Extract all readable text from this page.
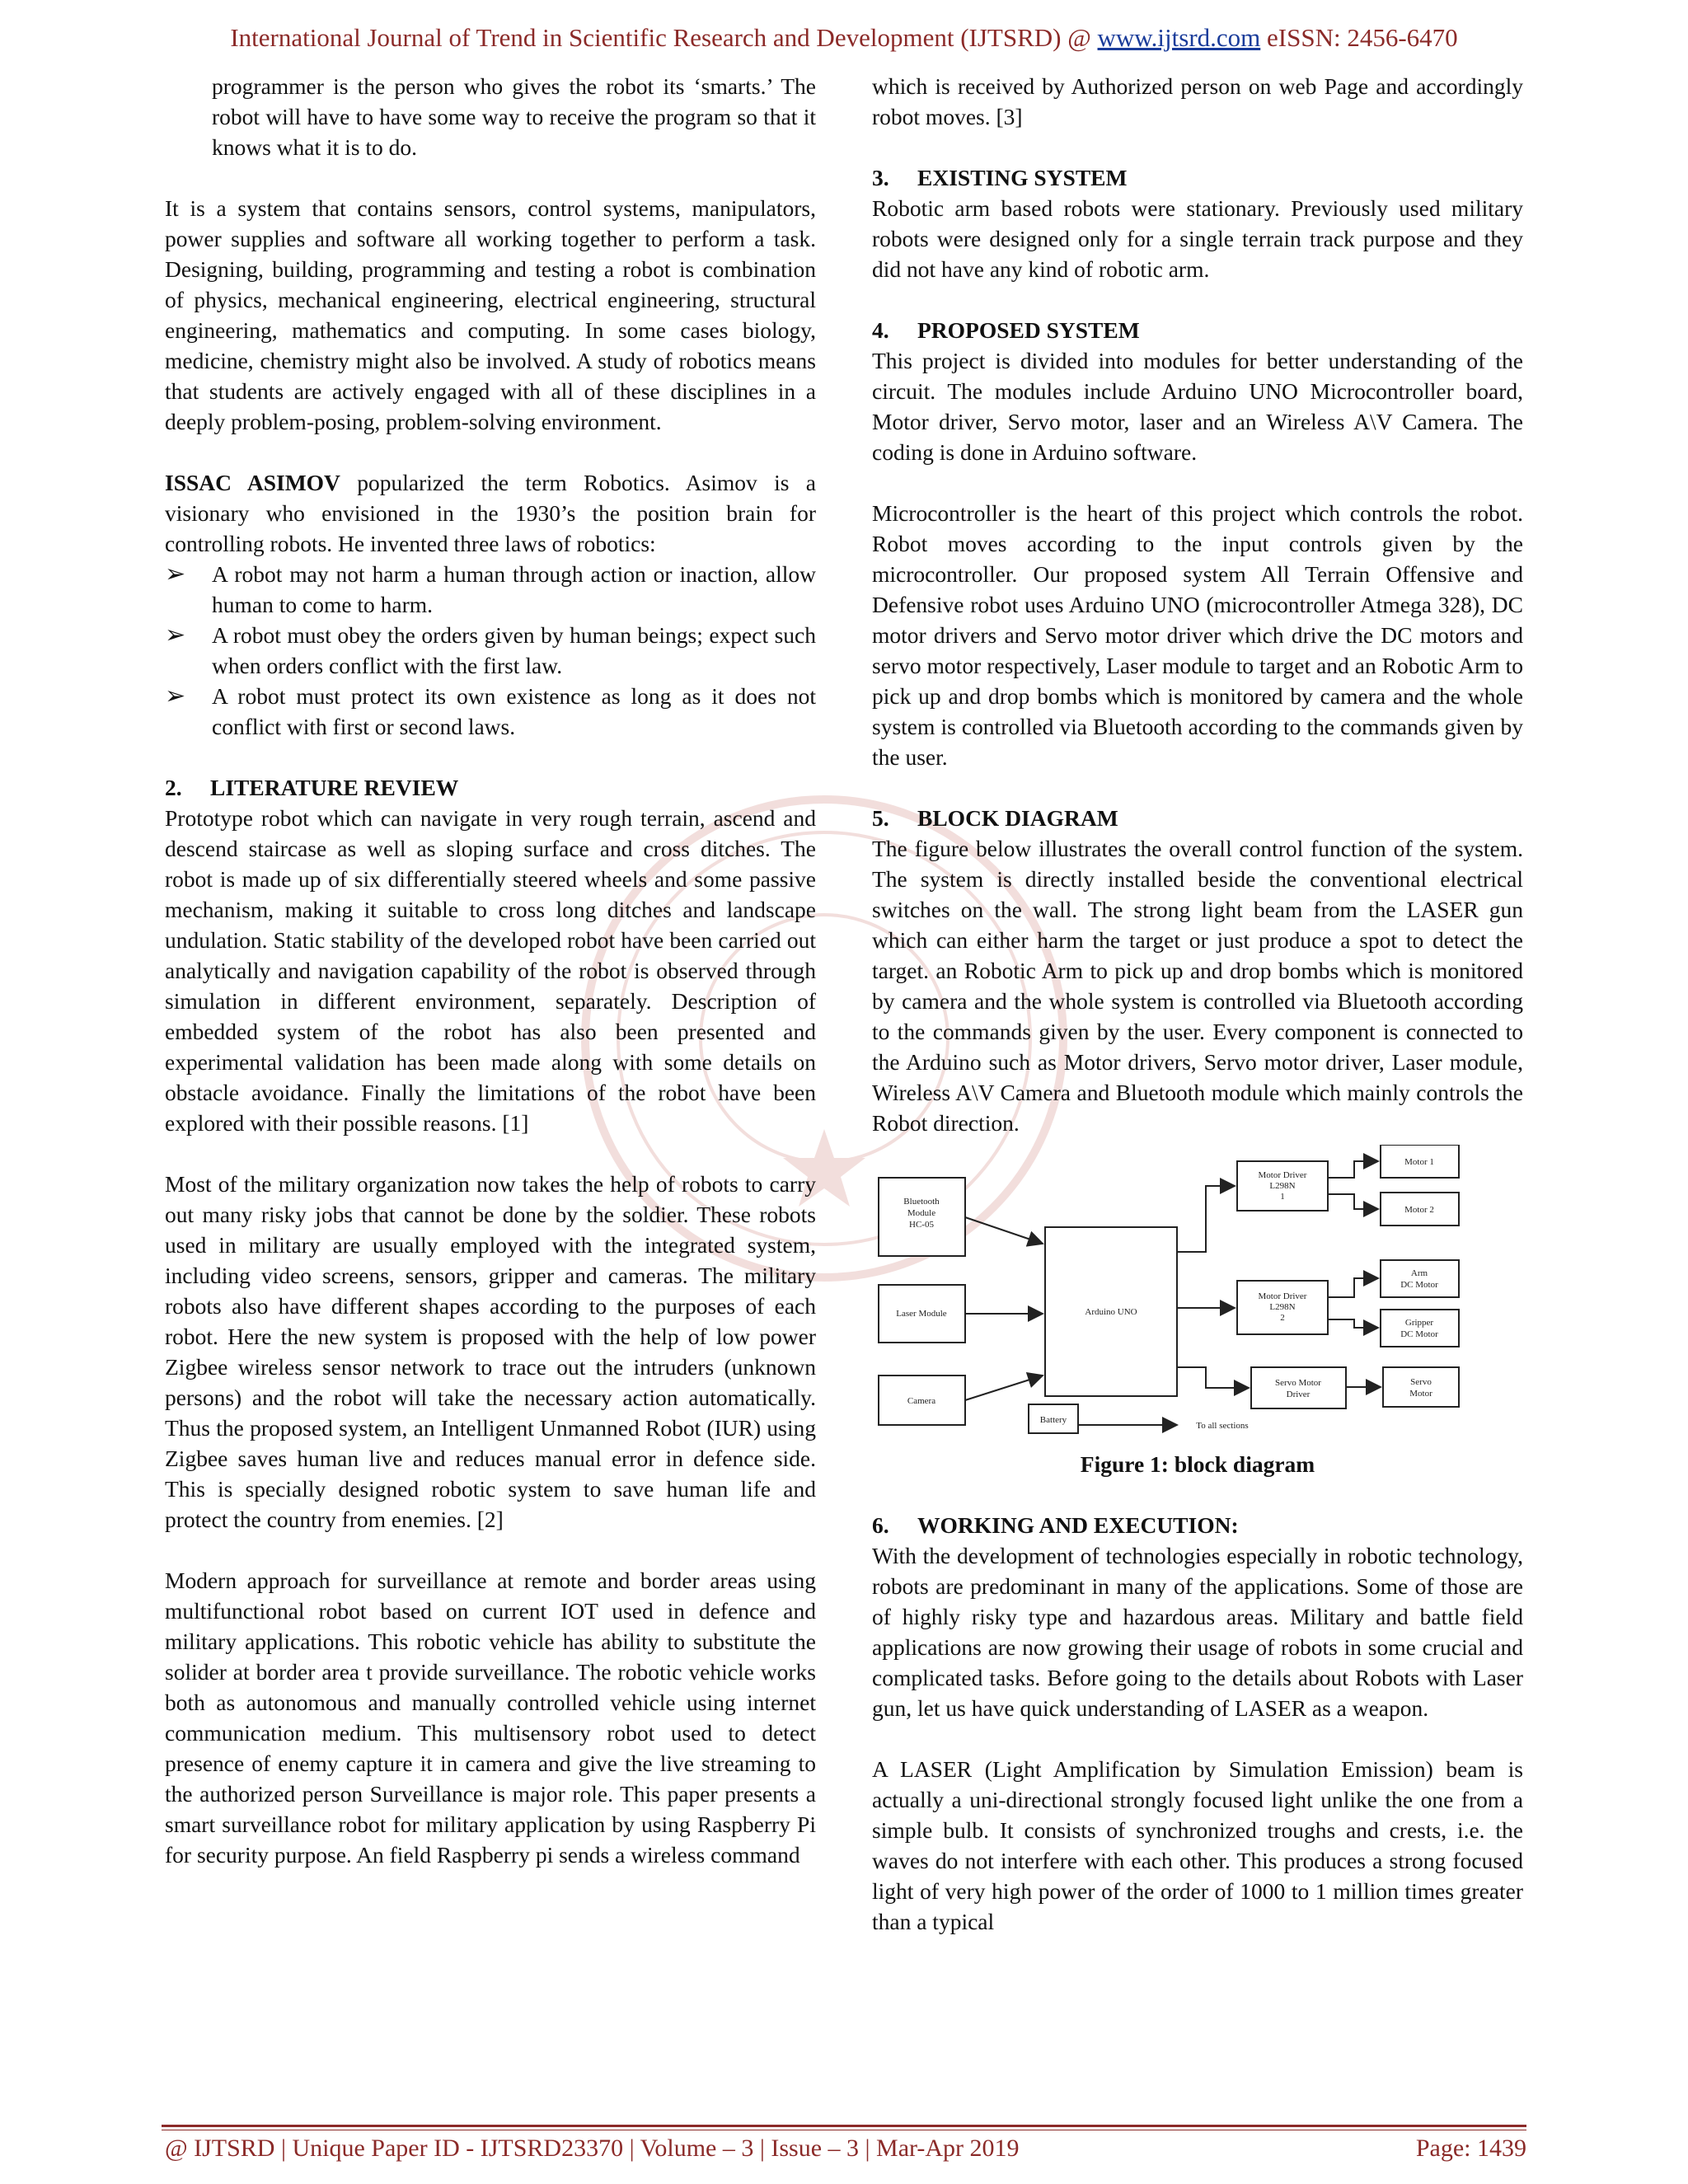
International Journal of Trend in Scientific Research and Development (IJTSRD) @ www.ijtsrd.com eISSN: 2456-6470

programmer is the person who gives the robot its ‘smarts.’ The robot will have to have some way to receive the program so that it knows what it is to do.

It is a system that contains sensors, control systems, manipulators, power supplies and software all working together to perform a task. Designing, building, programming and testing a robot is combination of physics, mechanical engineering, electrical engineering, structural engineering, mathematics and computing. In some cases biology, medicine, chemistry might also be involved. A study of robotics means that students are actively engaged with all of these disciplines in a deeply problem-posing, problem-solving environment.

ISSAC ASIMOV popularized the term Robotics. Asimov is a visionary who envisioned in the 1930’s the position brain for controlling robots. He invented three laws of robotics:

➢ A robot may not harm a human through action or inaction, allow human to come to harm.
➢ A robot must obey the orders given by human beings; expect such when orders conflict with the first law.
➢ A robot must protect its own existence as long as it does not conflict with first or second laws.
2. LITERATURE REVIEW

Prototype robot which can navigate in very rough terrain, ascend and descend staircase as well as sloping surface and cross ditches. The robot is made up of six differentially steered wheels and some passive mechanism, making it suitable to cross long ditches and landscape undulation. Static stability of the developed robot have been carried out analytically and navigation capability of the robot is observed through simulation in different environment, separately. Description of embedded system of the robot has also been presented and experimental validation has been made along with some details on obstacle avoidance. Finally the limitations of the robot have been explored with their possible reasons. [1]

Most of the military organization now takes the help of robots to carry out many risky jobs that cannot be done by the soldier. These robots used in military are usually employed with the integrated system, including video screens, sensors, gripper and cameras. The military robots also have different shapes according to the purposes of each robot. Here the new system is proposed with the help of low power Zigbee wireless sensor network to trace out the intruders (unknown persons) and the robot will take the necessary action automatically. Thus the proposed system, an Intelligent Unmanned Robot (IUR) using Zigbee saves human live and reduces manual error in defence side. This is specially designed robotic system to save human life and protect the country from enemies. [2]

Modern approach for surveillance at remote and border areas using multifunctional robot based on current IOT used in defence and military applications. This robotic vehicle has ability to substitute the solider at border area t provide surveillance. The robotic vehicle works both as autonomous and manually controlled vehicle using internet communication medium. This multisensory robot used to detect presence of enemy capture it in camera and give the live streaming to the authorized person Surveillance is major role. This paper presents a smart surveillance robot for military application by using Raspberry Pi for security purpose. An field Raspberry pi sends a wireless command

which is received by Authorized person on web Page and accordingly robot moves. [3]

3. EXISTING SYSTEM

Robotic arm based robots were stationary. Previously used military robots were designed only for a single terrain track purpose and they did not have any kind of robotic arm.

4. PROPOSED SYSTEM

This project is divided into modules for better understanding of the circuit. The modules include Arduino UNO Microcontroller board, Motor driver, Servo motor, laser and an Wireless A\V Camera. The coding is done in Arduino software.

Microcontroller is the heart of this project which controls the robot. Robot moves according to the input controls given by the microcontroller. Our proposed system All Terrain Offensive and Defensive robot uses Arduino UNO (microcontroller Atmega 328), DC motor drivers and Servo motor driver which drive the DC motors and servo motor respectively, Laser module to target and an Robotic Arm to pick up and drop bombs which is monitored by camera and the whole system is controlled via Bluetooth according to the commands given by the user.

5. BLOCK DIAGRAM

The figure below illustrates the overall control function of the system. The system is directly installed beside the conventional electrical switches on the wall. The strong light beam from the LASER gun which can either harm the target or just produce a spot to detect the target. an Robotic Arm to pick up and drop bombs which is monitored by camera and the whole system is controlled via Bluetooth according to the commands given by the user. Every component is connected to the Arduino such as Motor drivers, Servo motor driver, Laser module, Wireless A\V Camera and Bluetooth module which mainly controls the Robot direction.

Bluetooth
Module
HC-05
Laser Module
Camera
Arduino UNO
Motor Driver
L298N
1
Motor Driver
L298N
2
Servo Motor
Driver
Motor 1
Motor 2
Arm
DC Motor
Gripper
DC Motor
Servo
Motor
Battery
To all sections
Figure 1: block diagram
6. WORKING AND EXECUTION:

With the development of technologies especially in robotic technology, robots are predominant in many of the applications. Some of those are of highly risky type and hazardous areas. Military and battle field applications are now growing their usage of robots in some crucial and complicated tasks. Before going to the details about Robots with Laser gun, let us have quick understanding of LASER as a weapon.

A LASER (Light Amplification by Simulation Emission) beam is actually a uni-directional strongly focused light unlike the one from a simple bulb. It consists of synchronized troughs and crests, i.e. the waves do not interfere with each other. This produces a strong focused light of very high power of the order of 1000 to 1 million times greater than a typical

@ IJTSRD | Unique Paper ID - IJTSRD23370 | Volume – 3 | Issue – 3 | Mar-Apr 2019	Page: 1439
